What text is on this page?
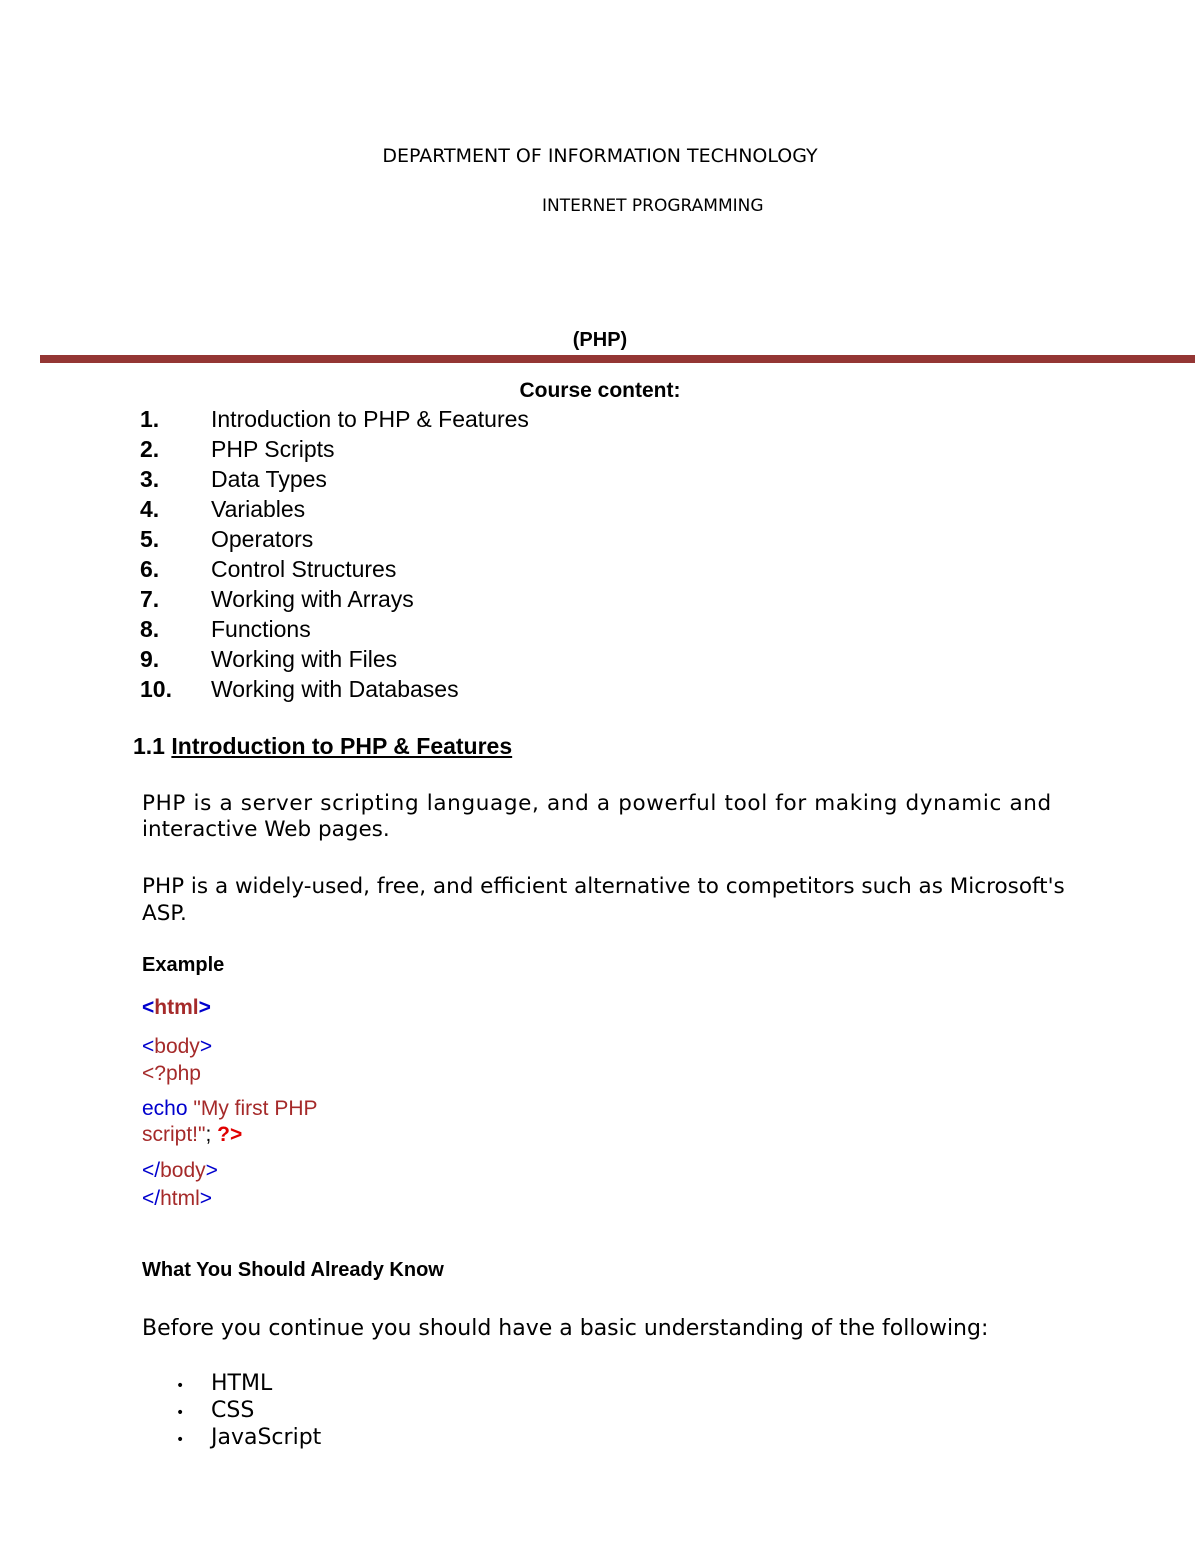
DEPARTMENT OF INFORMATION TECHNOLOGY
INTERNET PROGRAMMING
(PHP)
Course content:
1. Introduction to PHP & Features
2. PHP Scripts
3. Data Types
4. Variables
5. Operators
6. Control Structures
7. Working with Arrays
8. Functions
9. Working with Files
10. Working with Databases
1.1 Introduction to PHP & Features
PHP is a server scripting language, and a powerful tool for making dynamic and
interactive Web pages.
PHP is a widely-used, free, and efficient alternative to competitors such as Microsoft's
ASP.
Example
<html>
<body>
<?php
echo "My first PHP
script!"; ?>
</body>
</html>
What You Should Already Know
Before you continue you should have a basic understanding of the following:
• HTML
• CSS
• JavaScript
